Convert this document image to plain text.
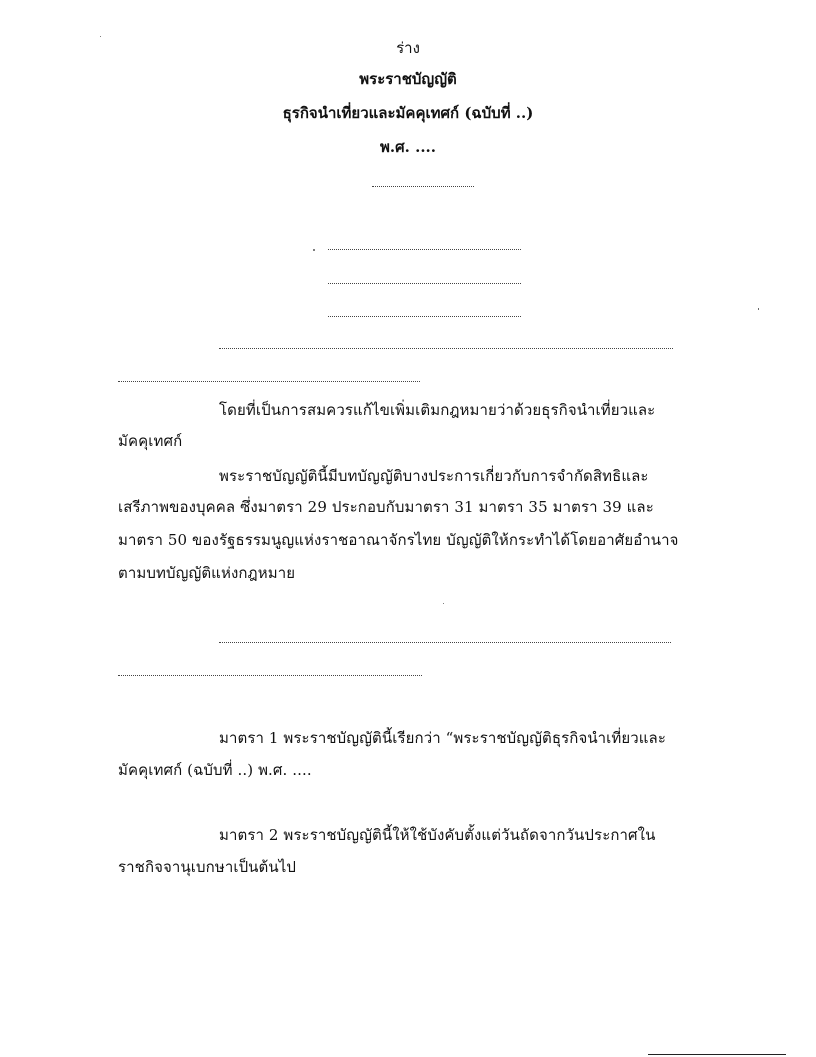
ร่าง
พระราชบัญญัติ
ธุรกิจนำเที่ยวและมัคคุเทศก์ (ฉบับที่ ..)
พ.ศ. ....
โดยที่เป็นการสมควรแก้ไขเพิ่มเติมกฎหมายว่าด้วยธุรกิจนำเที่ยวและ
มัคคุเทศก์
พระราชบัญญัตินี้มีบทบัญญัติบางประการเกี่ยวกับการจำกัดสิทธิและ
เสรีภาพของบุคคล ซึ่งมาตรา 29 ประกอบกับมาตรา 31 มาตรา 35 มาตรา 39 และ
มาตรา 50 ของรัฐธรรมนูญแห่งราชอาณาจักรไทย บัญญัติให้กระทำได้โดยอาศัยอำนาจ
ตามบทบัญญัติแห่งกฎหมาย
มาตรา 1 พระราชบัญญัตินี้เรียกว่า “พระราชบัญญัติธุรกิจนำเที่ยวและ
มัคคุเทศก์ (ฉบับที่ ..) พ.ศ. ....
มาตรา 2 พระราชบัญญัตินี้ให้ใช้บังคับตั้งแต่วันถัดจากวันประกาศใน
ราชกิจจานุเบกษาเป็นต้นไป
